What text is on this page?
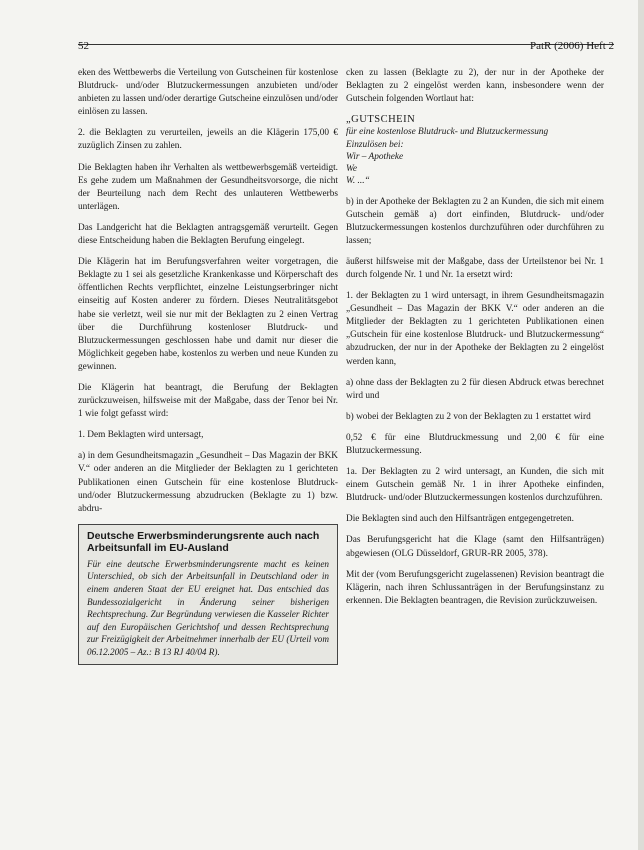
52	PatR (2006) Heft 2

eken des Wettbewerbs die Verteilung von Gutscheinen für kostenlose Blutdruck- und/oder Blutzuckermessungen anzubieten und/oder anbieten zu lassen und/oder derartige Gutscheine einzulösen und/oder einlösen zu lassen.

2. die Beklagten zu verurteilen, jeweils an die Klägerin 175,00 € zuzüglich Zinsen zu zahlen.

Die Beklagten haben ihr Verhalten als wettbewerbsgemäß verteidigt. Es gehe zudem um Maßnahmen der Gesundheitsvorsorge, die nicht der Beurteilung nach dem Recht des unlauteren Wettbewerbs unterlägen.

Das Landgericht hat die Beklagten antragsgemäß verurteilt. Gegen diese Entscheidung haben die Beklagten Berufung eingelegt.

Die Klägerin hat im Berufungsverfahren weiter vorgetragen, die Beklagte zu 1 sei als gesetzliche Krankenkasse und Körperschaft des öffentlichen Rechts verpflichtet, einzelne Leistungserbringer nicht einseitig auf Kosten anderer zu fördern. Dieses Neutralitätsgebot habe sie verletzt, weil sie nur mit der Beklagten zu 2 einen Vertrag über die Durchführung kostenloser Blutdruck- und Blutzuckermessungen geschlossen habe und damit nur dieser die Möglichkeit gegeben habe, kostenlos zu werben und neue Kunden zu gewinnen.

Die Klägerin hat beantragt, die Berufung der Beklagten zurückzuweisen, hilfsweise mit der Maßgabe, dass der Tenor bei Nr. 1 wie folgt gefasst wird:

1. Dem Beklagten wird untersagt,

a) in dem Gesundheitsmagazin „Gesundheit – Das Magazin der BKK V.“ oder anderen an die Mitglieder der Beklagten zu 1 gerichteten Publikationen einen Gutschein für eine kostenlose Blutdruck- und/oder Blutzuckermessung abzudrucken (Beklagte zu 1) bzw. abdru-

Deutsche Erwerbsminderungsrente auch nach Arbeitsunfall im EU-Ausland
Für eine deutsche Erwerbsminderungsrente macht es keinen Unterschied, ob sich der Arbeitsunfall in Deutschland oder in einem anderen Staat der EU ereignet hat. Das entschied das Bundessozialgericht in Änderung seiner bisherigen Rechtsprechung. Zur Begründung verwiesen die Kasseler Richter auf den Europäischen Gerichtshof und dessen Rechtsprechung zur Freizügigkeit der Arbeitnehmer innerhalb der EU (Urteil vom 06.12.2005 – Az.: B 13 RJ 40/04 R).

cken zu lassen (Beklagte zu 2), der nur in der Apotheke der Beklagten zu 2 eingelöst werden kann, insbesondere wenn der Gutschein folgenden Wortlaut hat:

„GUTSCHEIN
für eine kostenlose Blutdruck- und Blutzuckermessung
Einzulösen bei:
Wir – Apotheke
We
W. ...“

b) in der Apotheke der Beklagten zu 2 an Kunden, die sich mit einem Gutschein gemäß a) dort einfinden, Blutdruck- und/oder Blutzuckermessungen kostenlos durchzuführen oder durchführen zu lassen;

äußerst hilfsweise mit der Maßgabe, dass der Urteilstenor bei Nr. 1 durch folgende Nr. 1 und Nr. 1a ersetzt wird:

1. der Beklagten zu 1 wird untersagt, in ihrem Gesundheitsmagazin „Gesundheit – Das Magazin der BKK V.“ oder anderen an die Mitglieder der Beklagten zu 1 gerichteten Publikationen einen „Gutschein für eine kostenlose Blutdruck- und Blutzuckermessung“ abzudrucken, der nur in der Apotheke der Beklagten zu 2 eingelöst werden kann,

a) ohne dass der Beklagten zu 2 für diesen Abdruck etwas berechnet wird und

b) wobei der Beklagten zu 2 von der Beklagten zu 1 erstattet wird

0,52 € für eine Blutdruckmessung und 2,00 € für eine Blutzuckermessung.

1a. Der Beklagten zu 2 wird untersagt, an Kunden, die sich mit einem Gutschein gemäß Nr. 1 in ihrer Apotheke einfinden, Blutdruck- und/oder Blutzuckermessungen kostenlos durchzuführen.

Die Beklagten sind auch den Hilfsanträgen entgegengetreten.

Das Berufungsgericht hat die Klage (samt den Hilfsanträgen) abgewiesen (OLG Düsseldorf, GRUR-RR 2005, 378).

Mit der (vom Berufungsgericht zugelassenen) Revision beantragt die Klägerin, nach ihren Schlussanträgen in der Berufungsinstanz zu erkennen. Die Beklagten beantragen, die Revision zurückzuweisen.
